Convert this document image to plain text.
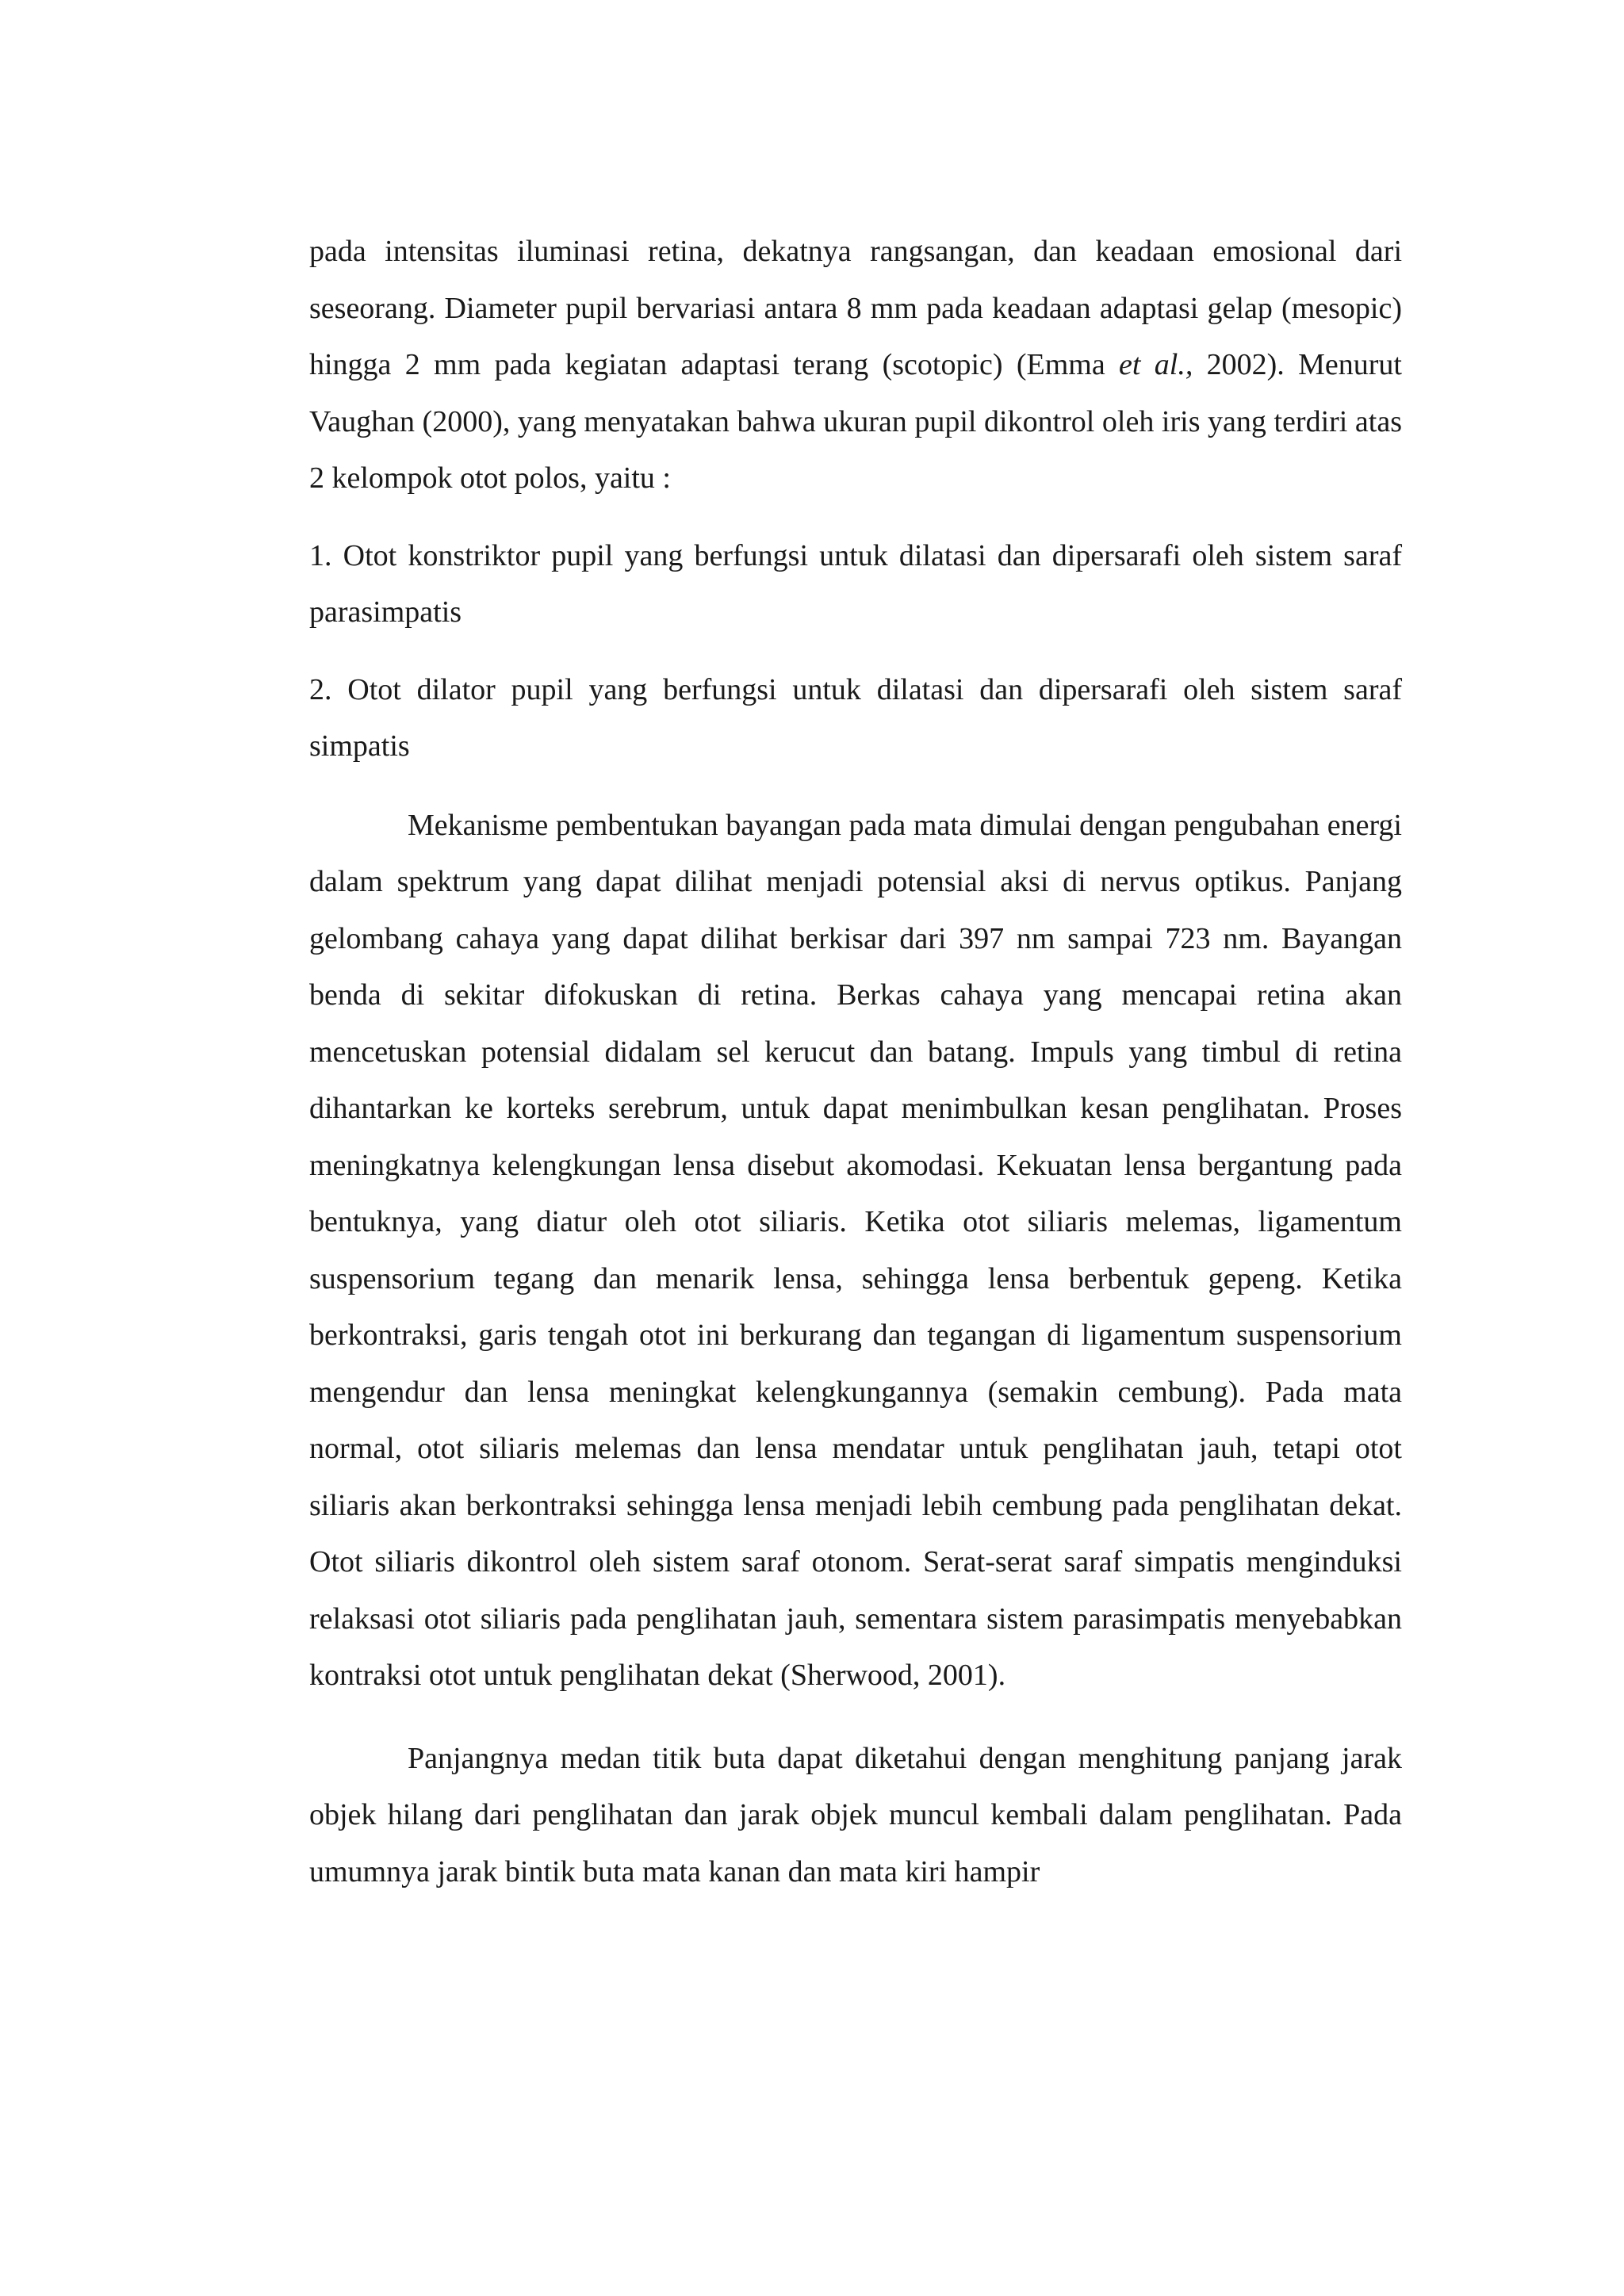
pada intensitas iluminasi retina, dekatnya rangsangan, dan keadaan emosional dari seseorang. Diameter pupil bervariasi antara 8 mm pada keadaan adaptasi gelap (mesopic) hingga 2 mm pada kegiatan adaptasi terang (scotopic) (Emma et al., 2002). Menurut Vaughan (2000), yang menyatakan bahwa ukuran pupil dikontrol oleh iris yang terdiri atas 2 kelompok otot polos, yaitu :

1. Otot konstriktor pupil yang berfungsi untuk dilatasi dan dipersarafi oleh sistem saraf parasimpatis

2. Otot dilator pupil yang berfungsi untuk dilatasi dan dipersarafi oleh sistem saraf simpatis

Mekanisme pembentukan bayangan pada mata dimulai dengan pengubahan energi dalam spektrum yang dapat dilihat menjadi potensial aksi di nervus optikus. Panjang gelombang cahaya yang dapat dilihat berkisar dari 397 nm sampai 723 nm. Bayangan benda di sekitar difokuskan di retina. Berkas cahaya yang mencapai retina akan mencetuskan potensial didalam sel kerucut dan batang. Impuls yang timbul di retina dihantarkan ke korteks serebrum, untuk dapat menimbulkan kesan penglihatan. Proses meningkatnya kelengkungan lensa disebut akomodasi. Kekuatan lensa bergantung pada bentuknya, yang diatur oleh otot siliaris. Ketika otot siliaris melemas, ligamentum suspensorium tegang dan menarik lensa, sehingga lensa berbentuk gepeng. Ketika berkontraksi, garis tengah otot ini berkurang dan tegangan di ligamentum suspensorium mengendur dan lensa meningkat kelengkungannya (semakin cembung). Pada mata normal, otot siliaris melemas dan lensa mendatar untuk penglihatan jauh, tetapi otot siliaris akan berkontraksi sehingga lensa menjadi lebih cembung pada penglihatan dekat. Otot siliaris dikontrol oleh sistem saraf otonom. Serat-serat saraf simpatis menginduksi relaksasi otot siliaris pada penglihatan jauh, sementara sistem parasimpatis menyebabkan kontraksi otot untuk penglihatan dekat (Sherwood, 2001).

Panjangnya medan titik buta dapat diketahui dengan menghitung panjang jarak objek hilang dari penglihatan dan jarak objek muncul kembali dalam penglihatan. Pada umumnya jarak bintik buta mata kanan dan mata kiri hampir
